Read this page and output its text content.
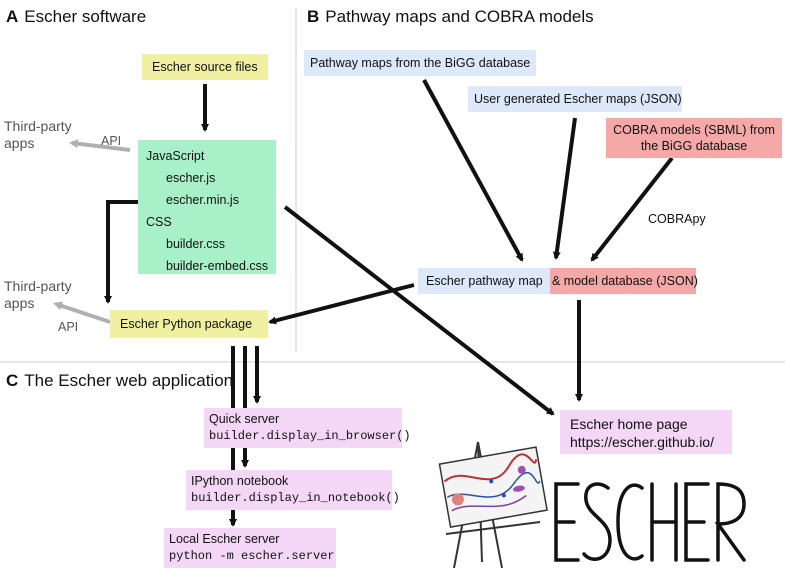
A Escher software	B Pathway maps and COBRA models
C The Escher web application
Escher source files
JavaScript
escher.js
escher.min.js
CSS
builder.css
builder-embed.css
Third-party
apps	API
Third-party
apps
API	Escher Python package
Pathway maps from the BiGG database
User generated Escher maps (JSON)
COBRA models (SBML) from
the BiGG database
COBRApy
Escher pathway map & model database (JSON)
Escher home page
https://escher.github.io/
Quick server
builder.display_in_browser()
IPython notebook
builder.display_in_notebook()
Local Escher server
python -m escher.server
